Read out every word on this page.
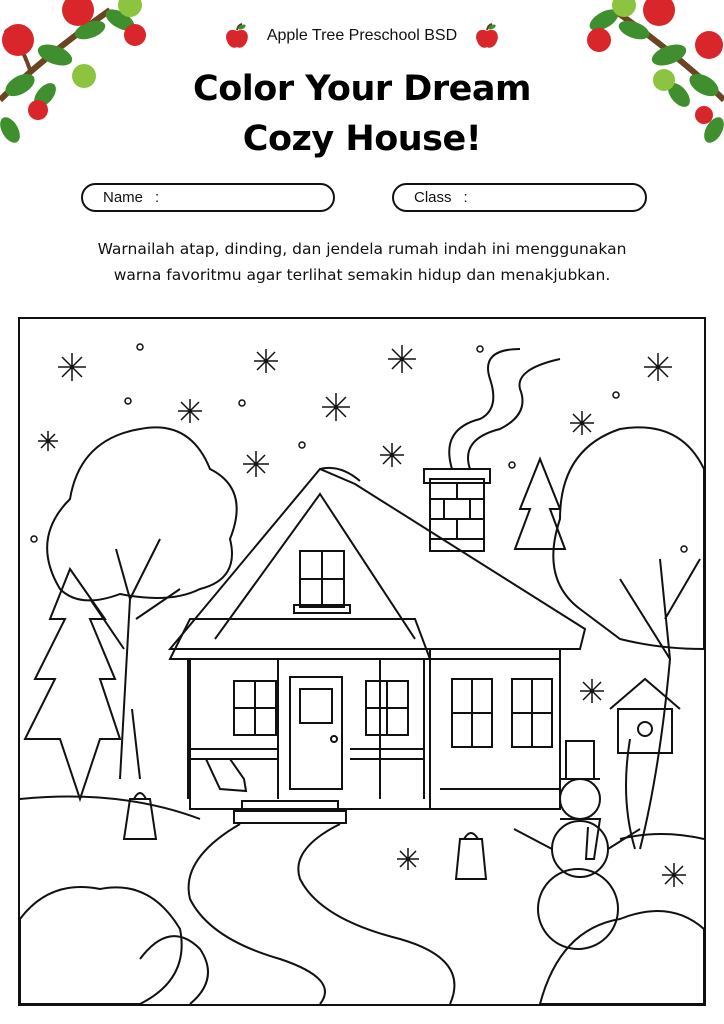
Apple Tree Preschool BSD
Color Your Dream
Cozy House!
Name :	Class :
Warnailah atap, dinding, dan jendela rumah indah ini menggunakan
warna favoritmu agar terlihat semakin hidup dan menakjubkan.
